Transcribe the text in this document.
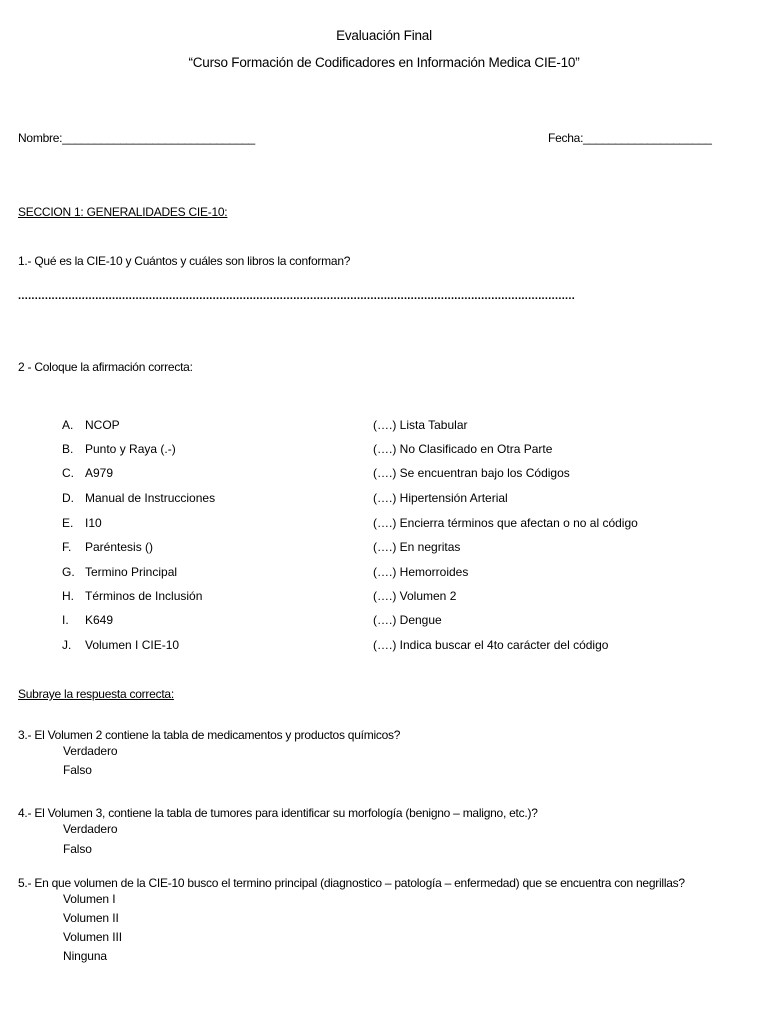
Evaluación Final
“Curso Formación de Codificadores en Información Medica CIE-10”
Nombre:______________________________	Fecha:____________________
SECCION 1: GENERALIDADES CIE-10:
1.- Qué es la CIE-10 y Cuántos y cuáles son libros la conforman?
......................................................................................................................................................................
2 - Coloque la afirmación correcta:
A. NCOP	(….) Lista Tabular
B. Punto y Raya (.-)	(….) No Clasificado en Otra Parte
C. A979	(….) Se encuentran bajo los Códigos
D. Manual de Instrucciones	(….) Hipertensión Arterial
E. I10	(….) Encierra términos que afectan o no al código
F. Paréntesis ()	(….) En negritas
G. Termino Principal	(….) Hemorroides
H. Términos de Inclusión	(….) Volumen 2
I. K649	(….) Dengue
J. Volumen I CIE-10	(….) Indica buscar el 4to carácter del código
Subraye la respuesta correcta:
3.- El Volumen 2 contiene la tabla de medicamentos y productos químicos?
Verdadero
Falso
4.- El Volumen 3, contiene la tabla de tumores para identificar su morfología (benigno – maligno, etc.)?
Verdadero
Falso
5.- En que volumen de la CIE-10 busco el termino principal (diagnostico – patología – enfermedad) que se encuentra con negrillas?
Volumen I
Volumen II
Volumen III
Ninguna
